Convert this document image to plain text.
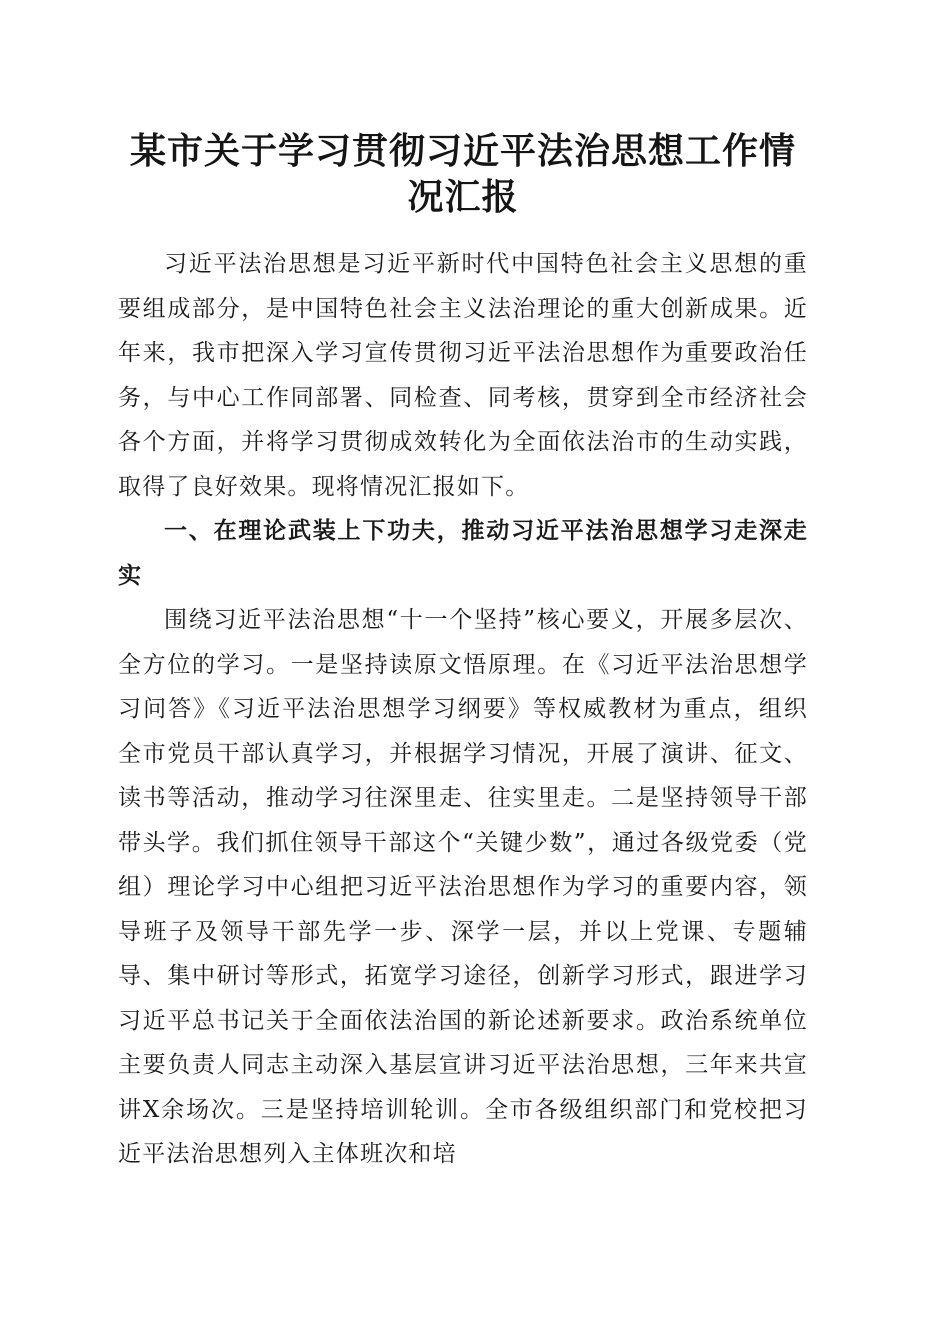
某市关于学习贯彻习近平法治思想工作情况汇报

习近平法治思想是习近平新时代中国特色社会主义思想的重要组成部分，是中国特色社会主义法治理论的重大创新成果。近年来，我市把深入学习宣传贯彻习近平法治思想作为重要政治任务，与中心工作同部署、同检查、同考核，贯穿到全市经济社会各个方面，并将学习贯彻成效转化为全面依法治市的生动实践，取得了良好效果。现将情况汇报如下。

一、在理论武装上下功夫，推动习近平法治思想学习走深走实

围绕习近平法治思想“十一个坚持”核心要义，开展多层次、全方位的学习。一是坚持读原文悟原理。在《习近平法治思想学习问答》《习近平法治思想学习纲要》等权威教材为重点，组织全市党员干部认真学习，并根据学习情况，开展了演讲、征文、读书等活动，推动学习往深里走、往实里走。二是坚持领导干部带头学。我们抓住领导干部这个“关键少数”，通过各级党委（党组）理论学习中心组把习近平法治思想作为学习的重要内容，领导班子及领导干部先学一步、深学一层，并以上党课、专题辅导、集中研讨等形式，拓宽学习途径，创新学习形式，跟进学习习近平总书记关于全面依法治国的新论述新要求。政治系统单位主要负责人同志主动深入基层宣讲习近平法治思想，三年来共宣讲X余场次。三是坚持培训轮训。全市各级组织部门和党校把习近平法治思想列入主体班次和培
